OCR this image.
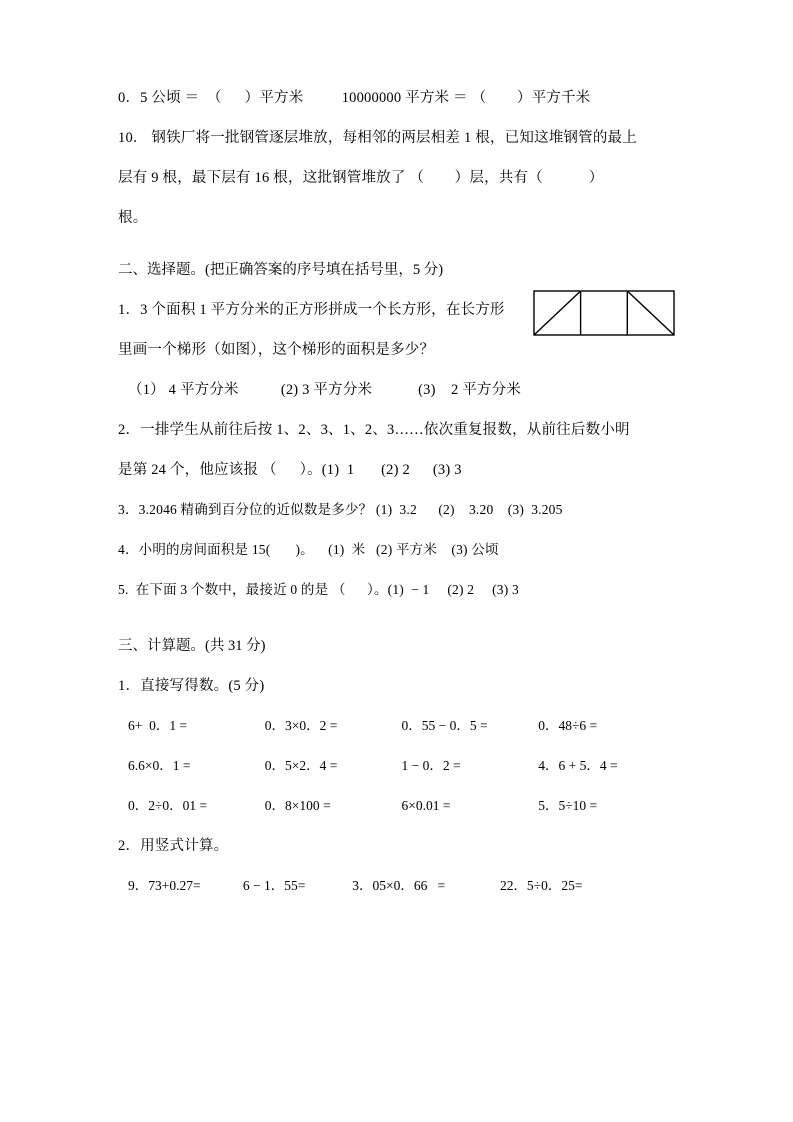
0．5 公顷 ＝  （      ）平方米          10000000 平方米 ＝ （        ）平方千米
10． 钢铁厂将一批钢管逐层堆放，每相邻的两层相差 1 根，已知这堆钢管的最上
层有 9 根，最下层有 16 根，这批钢管堆放了 （        ）层，共有（            ）
根。
二、选择题。(把正确答案的序号填在括号里，5 分)
1．3 个面积 1 平方分米的正方形拼成一个长方形，在长方形
里画一个梯形（如图），这个梯形的面积是多少？
（1） 4 平方分米           (2) 3 平方分米            (3)    2 平方分米
2．一排学生从前往后按 1、2、3、1、2、3……依次重复报数，从前往后数小明
是第 24 个，他应该报 （      ）。(1)  1       (2) 2      (3) 3
3．3.2046 精确到百分位的近似数是多少？ (1)  3.2      (2)    3.20    (3)  3.205
4．小明的房间面积是 15(       )。    (1)  米   (2) 平方米    (3) 公顷
5.  在下面 3 个数中，最接近 0 的是 （      ）。(1)  − 1     (2) 2     (3) 3
三、计算题。(共 31 分)
1．直接写得数。(5 分)
6+  0．1 =	0．3×0．2 =	0．55 − 0．5 =	0．48÷6 =
6.6×0．1 =	0．5×2．4 =	1 − 0．2 =	4．6 + 5．4 =
0．2÷0．01 =	0．8×100 =	6×0.01 =	5．5÷10 =
2．用竖式计算。
9．73+0.27=	6 − 1．55=	3．05×0．66   =	22．5÷0．25=
